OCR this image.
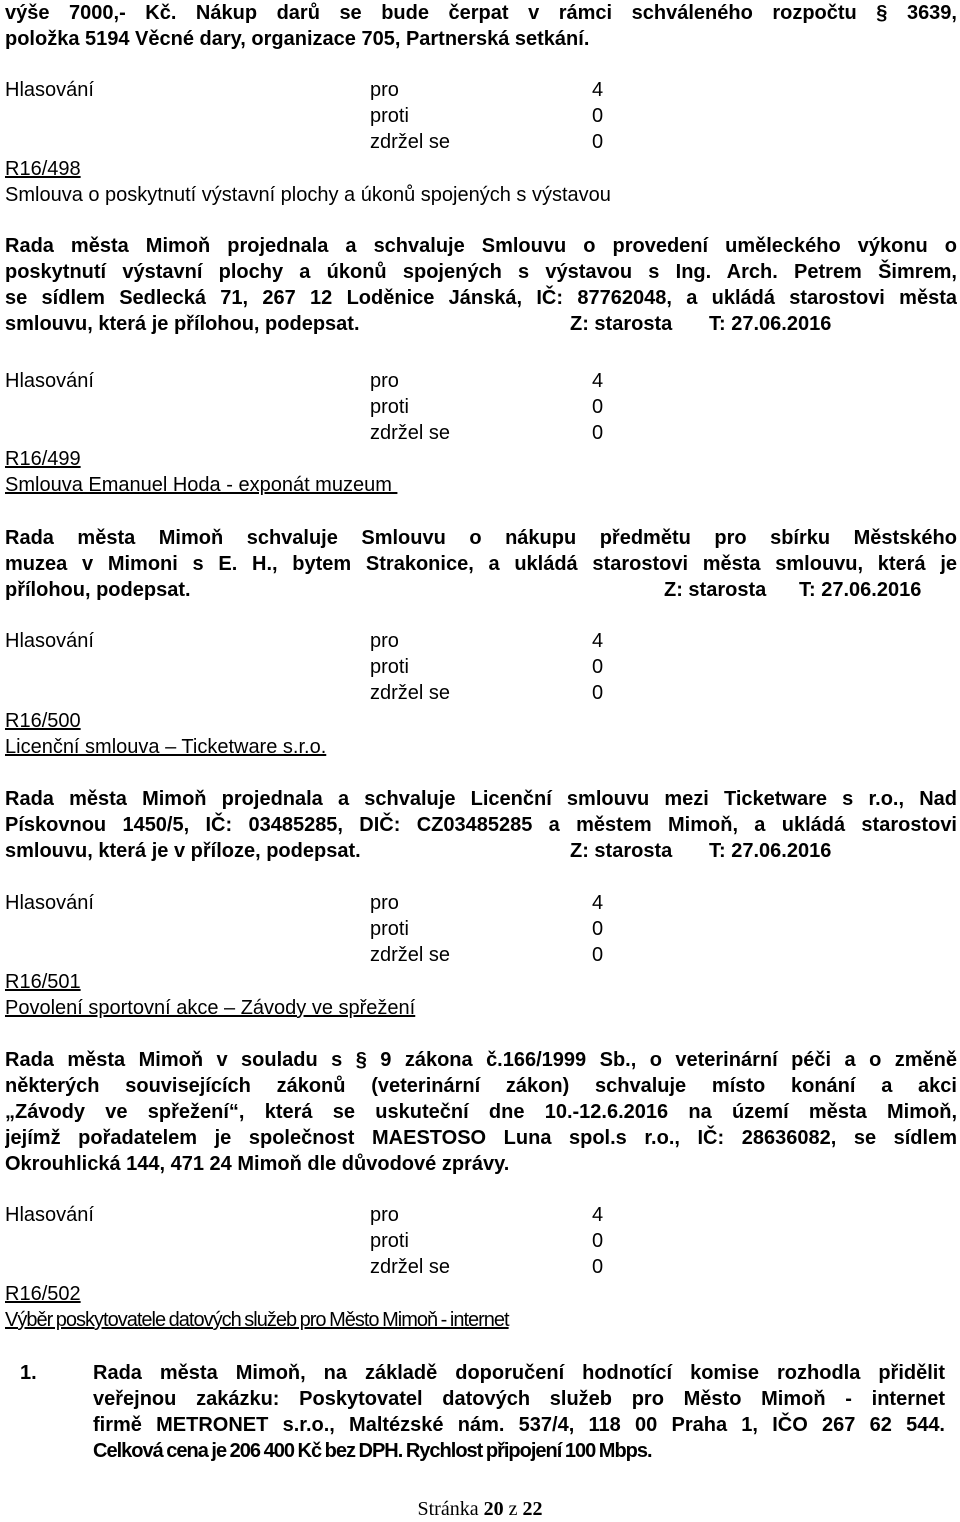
výše 7000,- Kč. Nákup darů se bude čerpat v rámci schváleného rozpočtu § 3639,
položka 5194 Věcné dary, organizace 705, Partnerská setkání.
Hlasování	pro	4
proti	0
zdržel se	0
R16/498
Smlouva o poskytnutí výstavní plochy a úkonů spojených s výstavou
Rada města Mimoň projednala a schvaluje Smlouvu o provedení uměleckého výkonu o
poskytnutí výstavní plochy a úkonů spojených s výstavou s Ing. Arch. Petrem Šimrem,
se sídlem Sedlecká 71, 267 12 Loděnice Jánská, IČ: 87762048, a ukládá starostovi města
smlouvu, která je přílohou, podepsat.	Z: starosta T: 27.06.2016
Hlasování	pro	4
proti	0
zdržel se	0
R16/499
Smlouva Emanuel Hoda - exponát muzeum
Rada města Mimoň schvaluje Smlouvu o nákupu předmětu pro sbírku Městského
muzea v Mimoni s E. H., bytem Strakonice, a ukládá starostovi města smlouvu, která je
přílohou, podepsat.	Z: starosta T: 27.06.2016
Hlasování	pro	4
proti	0
zdržel se	0
R16/500
Licenční smlouva – Ticketware s.r.o.
Rada města Mimoň projednala a schvaluje Licenční smlouvu mezi Ticketware s r.o., Nad
Pískovnou 1450/5, IČ: 03485285, DIČ: CZ03485285 a městem Mimoň, a ukládá starostovi
smlouvu, která je v příloze, podepsat.	Z: starosta T: 27.06.2016
Hlasování	pro	4
proti	0
zdržel se	0
R16/501
Povolení sportovní akce – Závody ve spřežení
Rada města Mimoň v souladu s § 9 zákona č.166/1999 Sb., o veterinární péči a o změně
některých souvisejících zákonů (veterinární zákon) schvaluje místo konání a akci
„Závody ve spřežení“, která se uskuteční dne 10.-12.6.2016 na území města Mimoň,
jejímž pořadatelem je společnost MAESTOSO Luna spol.s r.o., IČ: 28636082, se sídlem
Okrouhlická 144, 471 24 Mimoň dle důvodové zprávy.
Hlasování	pro	4
proti	0
zdržel se	0
R16/502
Výběr poskytovatele datových služeb pro Město Mimoň - internet
1.	Rada města Mimoň, na základě doporučení hodnotící komise rozhodla přidělit
veřejnou zakázku: Poskytovatel datových služeb pro Město Mimoň - internet
firmě METRONET s.r.o., Maltézské nám. 537/4, 118 00 Praha 1, IČO 267 62 544.
Celková cena je 206 400 Kč bez DPH. Rychlost připojení 100 Mbps.
Stránka 20 z 22
